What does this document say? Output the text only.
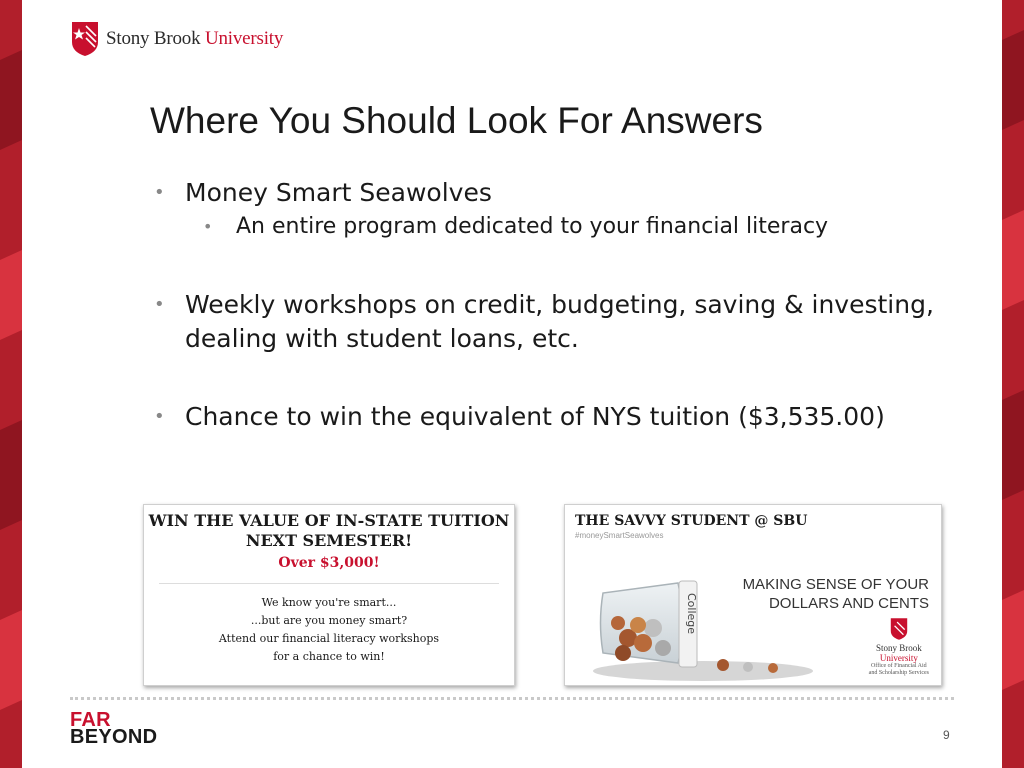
Stony Brook University
Where You Should Look For Answers
• Money Smart Seawolves
• An entire program dedicated to your financial literacy
• Weekly workshops on credit, budgeting, saving & investing,
dealing with student loans, etc.
• Chance to win the equivalent of NYS tuition ($3,535.00)
WIN THE VALUE OF IN-STATE TUITION
NEXT SEMESTER!
Over $3,000!
We know you're smart...
...but are you money smart?
Attend our financial literacy workshops
for a chance to win!
THE SAVVY STUDENT @ SBU
#moneySmartSeawolves
College
MAKING SENSE OF YOUR
DOLLARS AND CENTS
Stony Brook
University
Office of Financial Aid
and Scholarship Services
FAR
BEYOND	9
